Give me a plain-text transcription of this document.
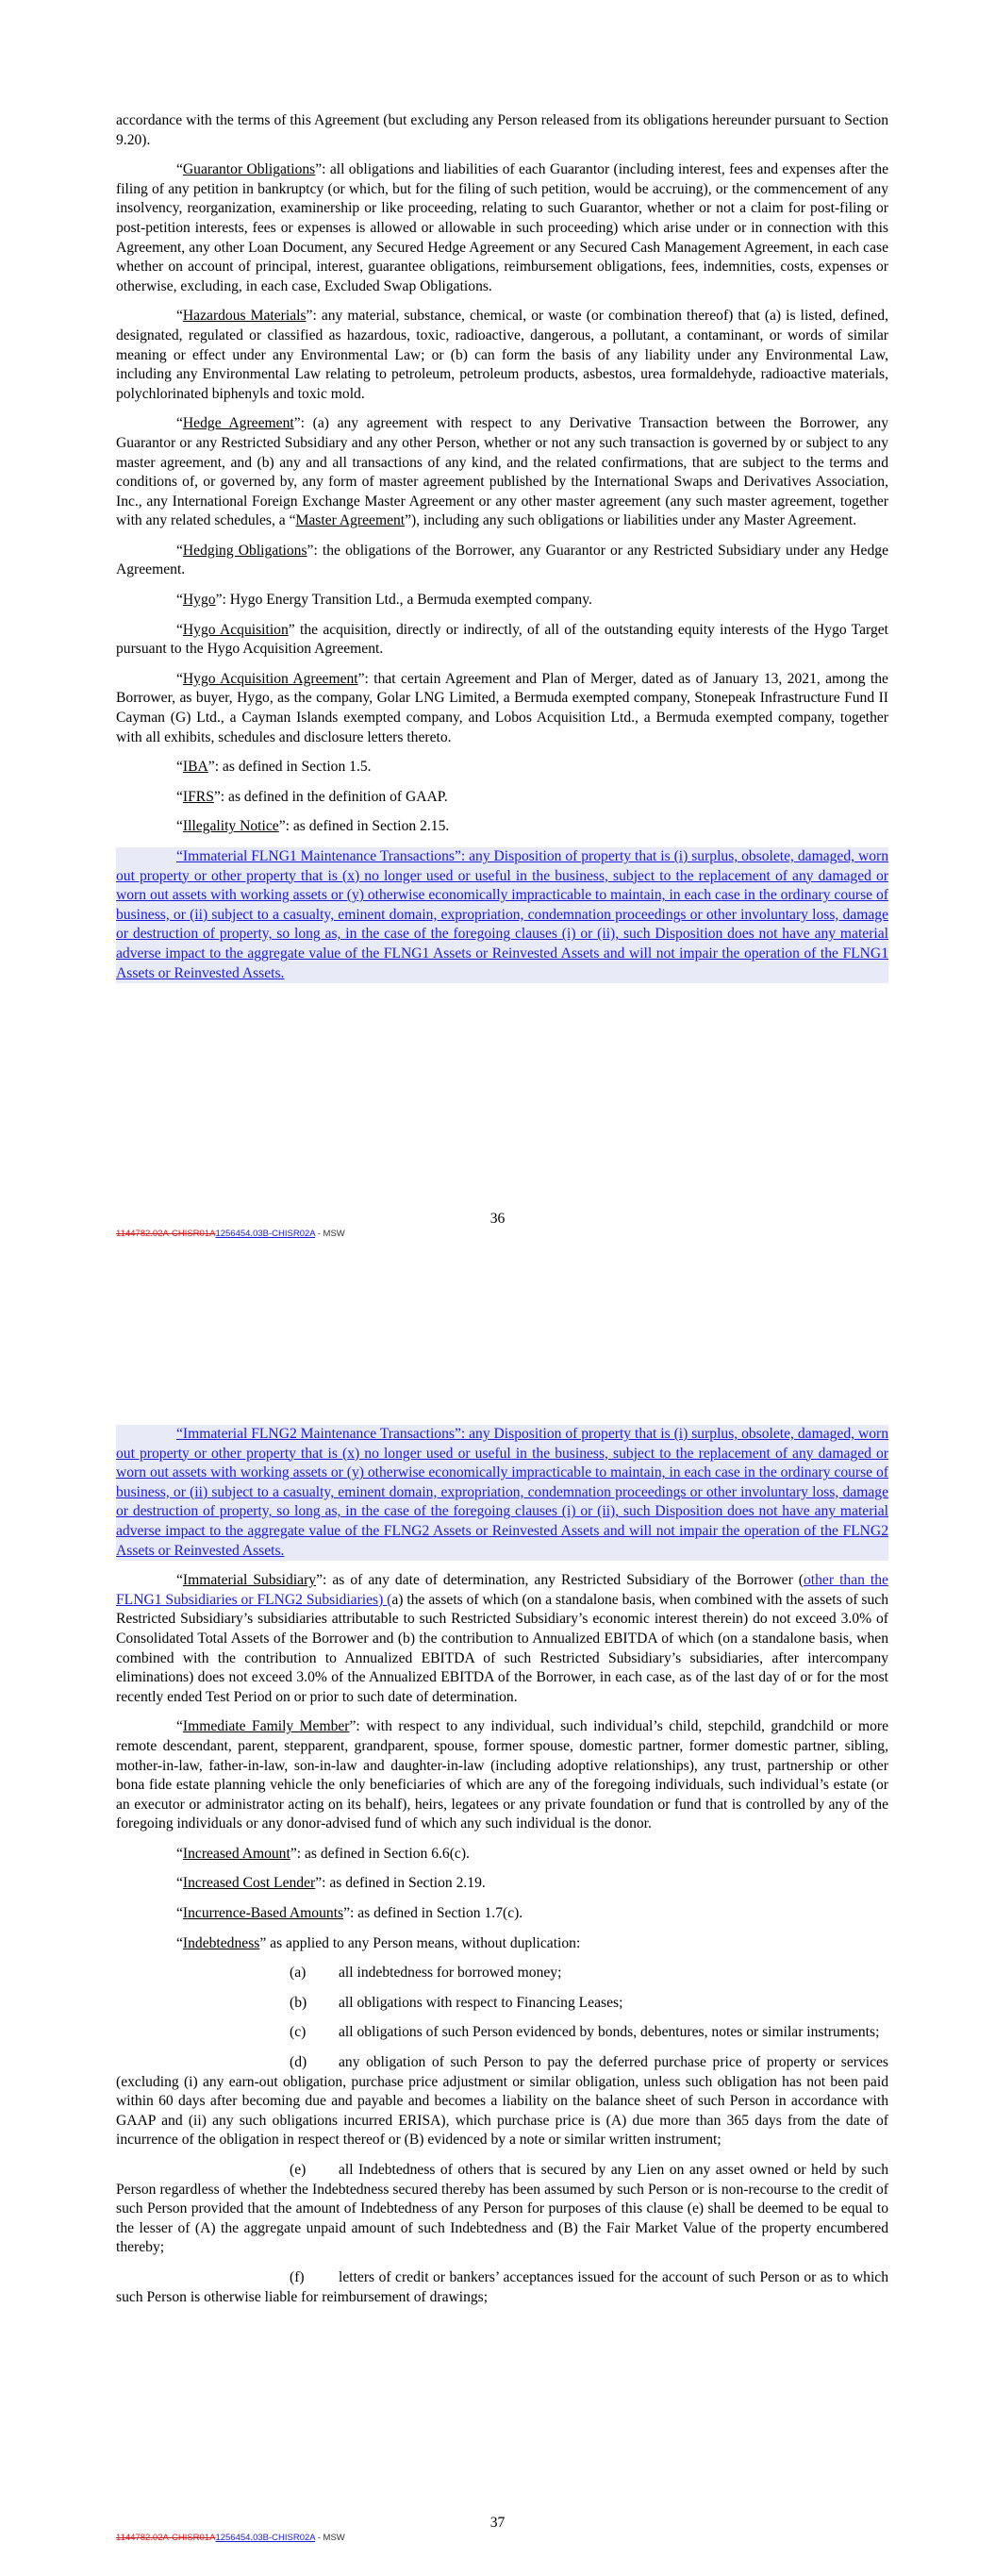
accordance with the terms of this Agreement (but excluding any Person released from its obligations hereunder pursuant to Section 9.20).

“Guarantor Obligations”: all obligations and liabilities of each Guarantor (including interest, fees and expenses after the filing of any petition in bankruptcy (or which, but for the filing of such petition, would be accruing), or the commencement of any insolvency, reorganization, examinership or like proceeding, relating to such Guarantor, whether or not a claim for post-filing or post-petition interests, fees or expenses is allowed or allowable in such proceeding) which arise under or in connection with this Agreement, any other Loan Document, any Secured Hedge Agreement or any Secured Cash Management Agreement, in each case whether on account of principal, interest, guarantee obligations, reimbursement obligations, fees, indemnities, costs, expenses or otherwise, excluding, in each case, Excluded Swap Obligations.

“Hazardous Materials”: any material, substance, chemical, or waste (or combination thereof) that (a) is listed, defined, designated, regulated or classified as hazardous, toxic, radioactive, dangerous, a pollutant, a contaminant, or words of similar meaning or effect under any Environmental Law; or (b) can form the basis of any liability under any Environmental Law, including any Environmental Law relating to petroleum, petroleum products, asbestos, urea formaldehyde, radioactive materials, polychlorinated biphenyls and toxic mold.

“Hedge Agreement”: (a) any agreement with respect to any Derivative Transaction between the Borrower, any Guarantor or any Restricted Subsidiary and any other Person, whether or not any such transaction is governed by or subject to any master agreement, and (b) any and all transactions of any kind, and the related confirmations, that are subject to the terms and conditions of, or governed by, any form of master agreement published by the International Swaps and Derivatives Association, Inc., any International Foreign Exchange Master Agreement or any other master agreement (any such master agreement, together with any related schedules, a “Master Agreement”), including any such obligations or liabilities under any Master Agreement.

“Hedging Obligations”: the obligations of the Borrower, any Guarantor or any Restricted Subsidiary under any Hedge Agreement.

“Hygo”: Hygo Energy Transition Ltd., a Bermuda exempted company.

“Hygo Acquisition” the acquisition, directly or indirectly, of all of the outstanding equity interests of the Hygo Target pursuant to the Hygo Acquisition Agreement.

“Hygo Acquisition Agreement”: that certain Agreement and Plan of Merger, dated as of January 13, 2021, among the Borrower, as buyer, Hygo, as the company, Golar LNG Limited, a Bermuda exempted company, Stonepeak Infrastructure Fund II Cayman (G) Ltd., a Cayman Islands exempted company, and Lobos Acquisition Ltd., a Bermuda exempted company, together with all exhibits, schedules and disclosure letters thereto.

“IBA”: as defined in Section 1.5.

“IFRS”: as defined in the definition of GAAP.

“Illegality Notice”: as defined in Section 2.15.

“Immaterial FLNG1 Maintenance Transactions”: any Disposition of property that is (i) surplus, obsolete, damaged, worn out property or other property that is (x) no longer used or useful in the business, subject to the replacement of any damaged or worn out assets with working assets or (y) otherwise economically impracticable to maintain, in each case in the ordinary course of business, or (ii) subject to a casualty, eminent domain, expropriation, condemnation proceedings or other involuntary loss, damage or destruction of property, so long as, in the case of the foregoing clauses (i) or (ii), such Disposition does not have any material adverse impact to the aggregate value of the FLNG1 Assets or Reinvested Assets and will not impair the operation of the FLNG1 Assets or Reinvested Assets.

36
1144782.02A-CHISR01A1256454.03B-CHISR02A - MSW

“Immaterial FLNG2 Maintenance Transactions”: any Disposition of property that is (i) surplus, obsolete, damaged, worn out property or other property that is (x) no longer used or useful in the business, subject to the replacement of any damaged or worn out assets with working assets or (y) otherwise economically impracticable to maintain, in each case in the ordinary course of business, or (ii) subject to a casualty, eminent domain, expropriation, condemnation proceedings or other involuntary loss, damage or destruction of property, so long as, in the case of the foregoing clauses (i) or (ii), such Disposition does not have any material adverse impact to the aggregate value of the FLNG2 Assets or Reinvested Assets and will not impair the operation of the FLNG2 Assets or Reinvested Assets.

“Immaterial Subsidiary”: as of any date of determination, any Restricted Subsidiary of the Borrower (other than the FLNG1 Subsidiaries or FLNG2 Subsidiaries) (a) the assets of which (on a standalone basis, when combined with the assets of such Restricted Subsidiary’s subsidiaries attributable to such Restricted Subsidiary’s economic interest therein) do not exceed 3.0% of Consolidated Total Assets of the Borrower and (b) the contribution to Annualized EBITDA of which (on a standalone basis, when combined with the contribution to Annualized EBITDA of such Restricted Subsidiary’s subsidiaries, after intercompany eliminations) does not exceed 3.0% of the Annualized EBITDA of the Borrower, in each case, as of the last day of or for the most recently ended Test Period on or prior to such date of determination.

“Immediate Family Member”: with respect to any individual, such individual’s child, stepchild, grandchild or more remote descendant, parent, stepparent, grandparent, spouse, former spouse, domestic partner, former domestic partner, sibling, mother-in-law, father-in-law, son-in-law and daughter-in-law (including adoptive relationships), any trust, partnership or other bona fide estate planning vehicle the only beneficiaries of which are any of the foregoing individuals, such individual’s estate (or an executor or administrator acting on its behalf), heirs, legatees or any private foundation or fund that is controlled by any of the foregoing individuals or any donor-advised fund of which any such individual is the donor.

“Increased Amount”: as defined in Section 6.6(c).

“Increased Cost Lender”: as defined in Section 2.19.

“Incurrence-Based Amounts”: as defined in Section 1.7(c).

“Indebtedness” as applied to any Person means, without duplication:

(a) all indebtedness for borrowed money;

(b) all obligations with respect to Financing Leases;

(c) all obligations of such Person evidenced by bonds, debentures, notes or similar instruments;

(d) any obligation of such Person to pay the deferred purchase price of property or services (excluding (i) any earn-out obligation, purchase price adjustment or similar obligation, unless such obligation has not been paid within 60 days after becoming due and payable and becomes a liability on the balance sheet of such Person in accordance with GAAP and (ii) any such obligations incurred ERISA), which purchase price is (A) due more than 365 days from the date of incurrence of the obligation in respect thereof or (B) evidenced by a note or similar written instrument;

(e) all Indebtedness of others that is secured by any Lien on any asset owned or held by such Person regardless of whether the Indebtedness secured thereby has been assumed by such Person or is non-recourse to the credit of such Person provided that the amount of Indebtedness of any Person for purposes of this clause (e) shall be deemed to be equal to the lesser of (A) the aggregate unpaid amount of such Indebtedness and (B) the Fair Market Value of the property encumbered thereby;

(f) letters of credit or bankers’ acceptances issued for the account of such Person or as to which such Person is otherwise liable for reimbursement of drawings;

37
1144782.02A-CHISR01A1256454.03B-CHISR02A - MSW
